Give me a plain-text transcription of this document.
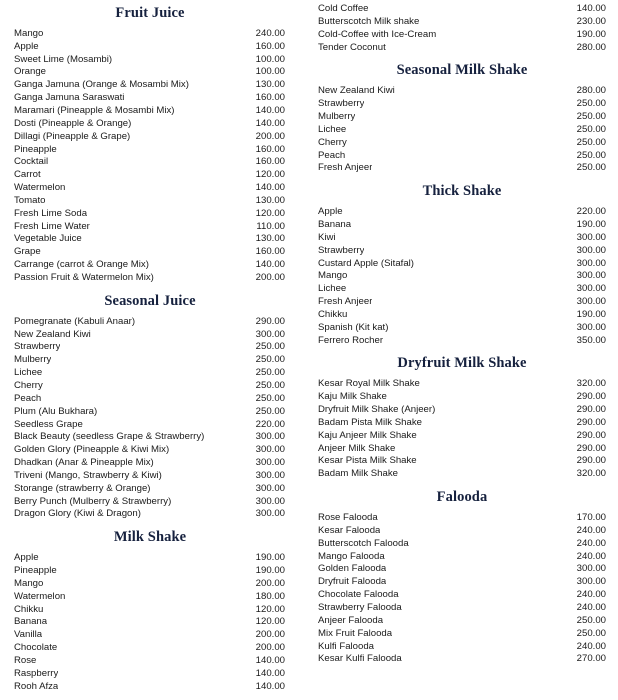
Fruit Juice
Mango	240.00
Apple	160.00
Sweet Lime (Mosambi)	100.00
Orange	100.00
Ganga Jamuna (Orange & Mosambi Mix)	130.00
Ganga Jamuna Saraswati	160.00
Maramari (Pineapple & Mosambi Mix)	140.00
Dosti (Pineapple & Orange)	140.00
Dillagi (Pineapple & Grape)	200.00
Pineapple	160.00
Cocktail	160.00
Carrot	120.00
Watermelon	140.00
Tomato	130.00
Fresh Lime Soda	120.00
Fresh Lime Water	110.00
Vegetable Juice	130.00
Grape	160.00
Carrange (carrot & Orange Mix)	140.00
Passion Fruit & Watermelon Mix)	200.00
Seasonal Juice
Pomegranate (Kabuli Anaar)	290.00
New Zealand Kiwi	300.00
Strawberry	250.00
Mulberry	250.00
Lichee	250.00
Cherry	250.00
Peach	250.00
Plum (Alu Bukhara)	250.00
Seedless Grape	220.00
Black Beauty (seedless Grape & Strawberry)	300.00
Golden Glory (Pineapple & Kiwi Mix)	300.00
Dhadkan (Anar & Pineapple Mix)	300.00
Triveni (Mango, Strawberry & Kiwi)	300.00
Storange (strawberry & Orange)	300.00
Berry Punch (Mulberry & Strawberry)	300.00
Dragon Glory (Kiwi & Dragon)	300.00
Milk Shake
Apple	190.00
Pineapple	190.00
Mango	200.00
Watermelon	180.00
Chikku	120.00
Banana	120.00
Vanilla	200.00
Chocolate	200.00
Rose	140.00
Raspberry	140.00
Rooh Afza	140.00
Cold Coffee	140.00
Butterscotch Milk shake	230.00
Cold-Coffee with Ice-Cream	190.00
Tender Coconut	280.00
Seasonal Milk Shake
New Zealand Kiwi	280.00
Strawberry	250.00
Mulberry	250.00
Lichee	250.00
Cherry	250.00
Peach	250.00
Fresh Anjeer	250.00
Thick Shake
Apple	220.00
Banana	190.00
Kiwi	300.00
Strawberry	300.00
Custard Apple (Sitafal)	300.00
Mango	300.00
Lichee	300.00
Fresh Anjeer	300.00
Chikku	190.00
Spanish (Kit kat)	300.00
Ferrero Rocher	350.00
Dryfruit Milk Shake
Kesar Royal Milk Shake	320.00
Kaju Milk Shake	290.00
Dryfruit Milk Shake (Anjeer)	290.00
Badam Pista Milk Shake	290.00
Kaju Anjeer Milk Shake	290.00
Anjeer Milk Shake	290.00
Kesar Pista Milk Shake	290.00
Badam Milk Shake	320.00
Falooda
Rose Falooda	170.00
Kesar Falooda	240.00
Butterscotch Falooda	240.00
Mango Falooda	240.00
Golden Falooda	300.00
Dryfruit Falooda	300.00
Chocolate Falooda	240.00
Strawberry Falooda	240.00
Anjeer Falooda	250.00
Mix Fruit Falooda	250.00
Kulfi Falooda	240.00
Kesar Kulfi Falooda	270.00
